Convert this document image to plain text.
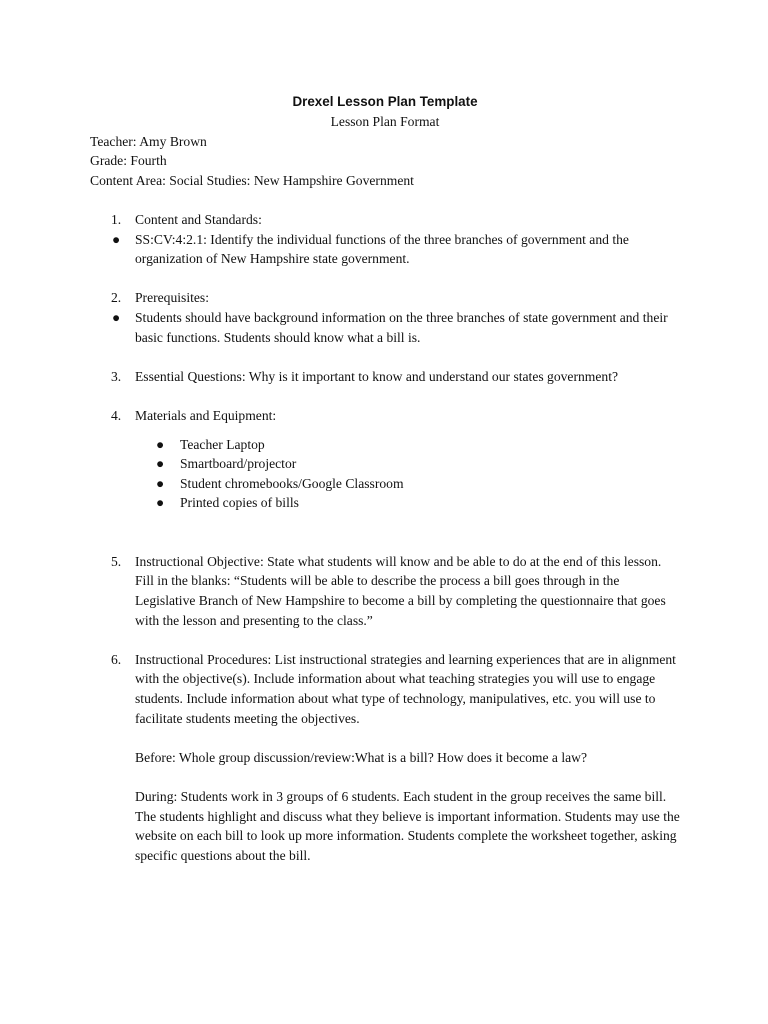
Drexel Lesson Plan Template

Lesson Plan Format

Teacher: Amy Brown

Grade: Fourth

Content Area: Social Studies: New Hampshire Government

1. Content and Standards:
● SS:CV:4:2.1: Identify the individual functions of the three branches of government and the organization of New Hampshire state government.
2. Prerequisites:
● Students should have background information on the three branches of state government and their basic functions. Students should know what a bill is.
3. Essential Questions: Why is it important to know and understand our states government?
4. Materials and Equipment:
● Teacher Laptop
● Smartboard/projector
● Student chromebooks/Google Classroom
● Printed copies of bills
5. Instructional Objective: State what students will know and be able to do at the end of this lesson. Fill in the blanks: “Students will be able to describe the process a bill goes through in the Legislative Branch of New Hampshire to become a bill by completing the questionnaire that goes with the lesson and presenting to the class.”
6. Instructional Procedures: List instructional strategies and learning experiences that are in alignment with the objective(s). Include information about what teaching strategies you will use to engage students. Include information about what type of technology, manipulatives, etc. you will use to facilitate students meeting the objectives.

Before: Whole group discussion/review:What is a bill? How does it become a law?

During: Students work in 3 groups of 6 students. Each student in the group receives the same bill. The students highlight and discuss what they believe is important information. Students may use the website on each bill to look up more information. Students complete the worksheet together, asking specific questions about the bill.
